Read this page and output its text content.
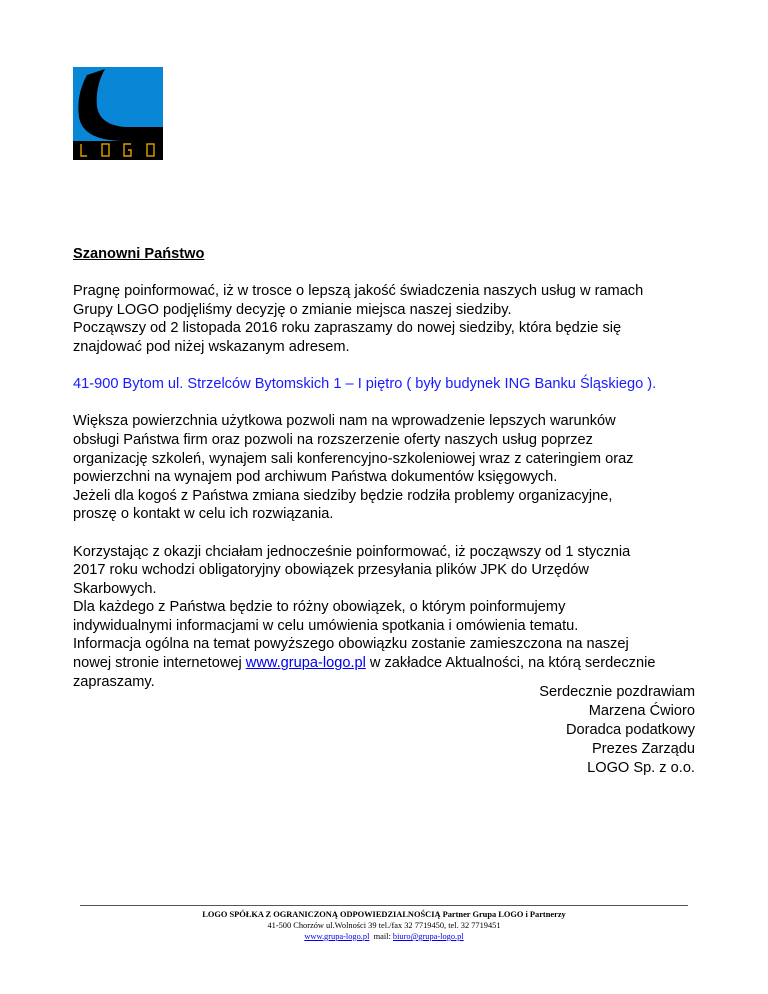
Szanowni Państwo

Pragnę poinformować, iż w trosce o lepszą jakość świadczenia naszych usług w ramach
Grupy LOGO podjęliśmy decyzję o zmianie miejsca naszej siedziby.
Począwszy od 2 listopada 2016 roku zapraszamy do nowej siedziby, która będzie się
znajdować pod niżej wskazanym adresem.

41-900 Bytom ul. Strzelców Bytomskich 1 – I piętro ( były budynek ING Banku Śląskiego ).

Większa powierzchnia użytkowa pozwoli nam na wprowadzenie lepszych warunków
obsługi Państwa firm oraz pozwoli na rozszerzenie oferty naszych usług poprzez
organizację szkoleń, wynajem sali konferencyjno-szkoleniowej wraz z cateringiem oraz
powierzchni na wynajem pod archiwum Państwa dokumentów księgowych.
Jeżeli dla kogoś z Państwa zmiana siedziby będzie rodziła problemy organizacyjne,
proszę o kontakt w celu ich rozwiązania.

Korzystając z okazji chciałam jednocześnie poinformować, iż począwszy od 1 stycznia
2017 roku wchodzi obligatoryjny obowiązek przesyłania plików JPK do Urzędów
Skarbowych.
Dla każdego z Państwa będzie to różny obowiązek, o którym poinformujemy
indywidualnymi informacjami w celu umówienia spotkania i omówienia tematu.
Informacja ogólna na temat powyższego obowiązku zostanie zamieszczona na naszej
nowej stronie internetowej www.grupa-logo.pl w zakładce Aktualności, na którą serdecznie
zapraszamy.

Serdecznie pozdrawiam
Marzena Ćwioro
Doradca podatkowy
Prezes Zarządu
LOGO Sp. z o.o.
LOGO SPÓŁKA Z OGRANICZONĄ ODPOWIEDZIALNOŚCIĄ Partner Grupa LOGO i Partnerzy
41-500 Chorzów ul.Wolności 39 tel./fax 32 7719450, tel. 32 7719451
www.grupa-logo.pl  mail: biuro@grupa-logo.pl
